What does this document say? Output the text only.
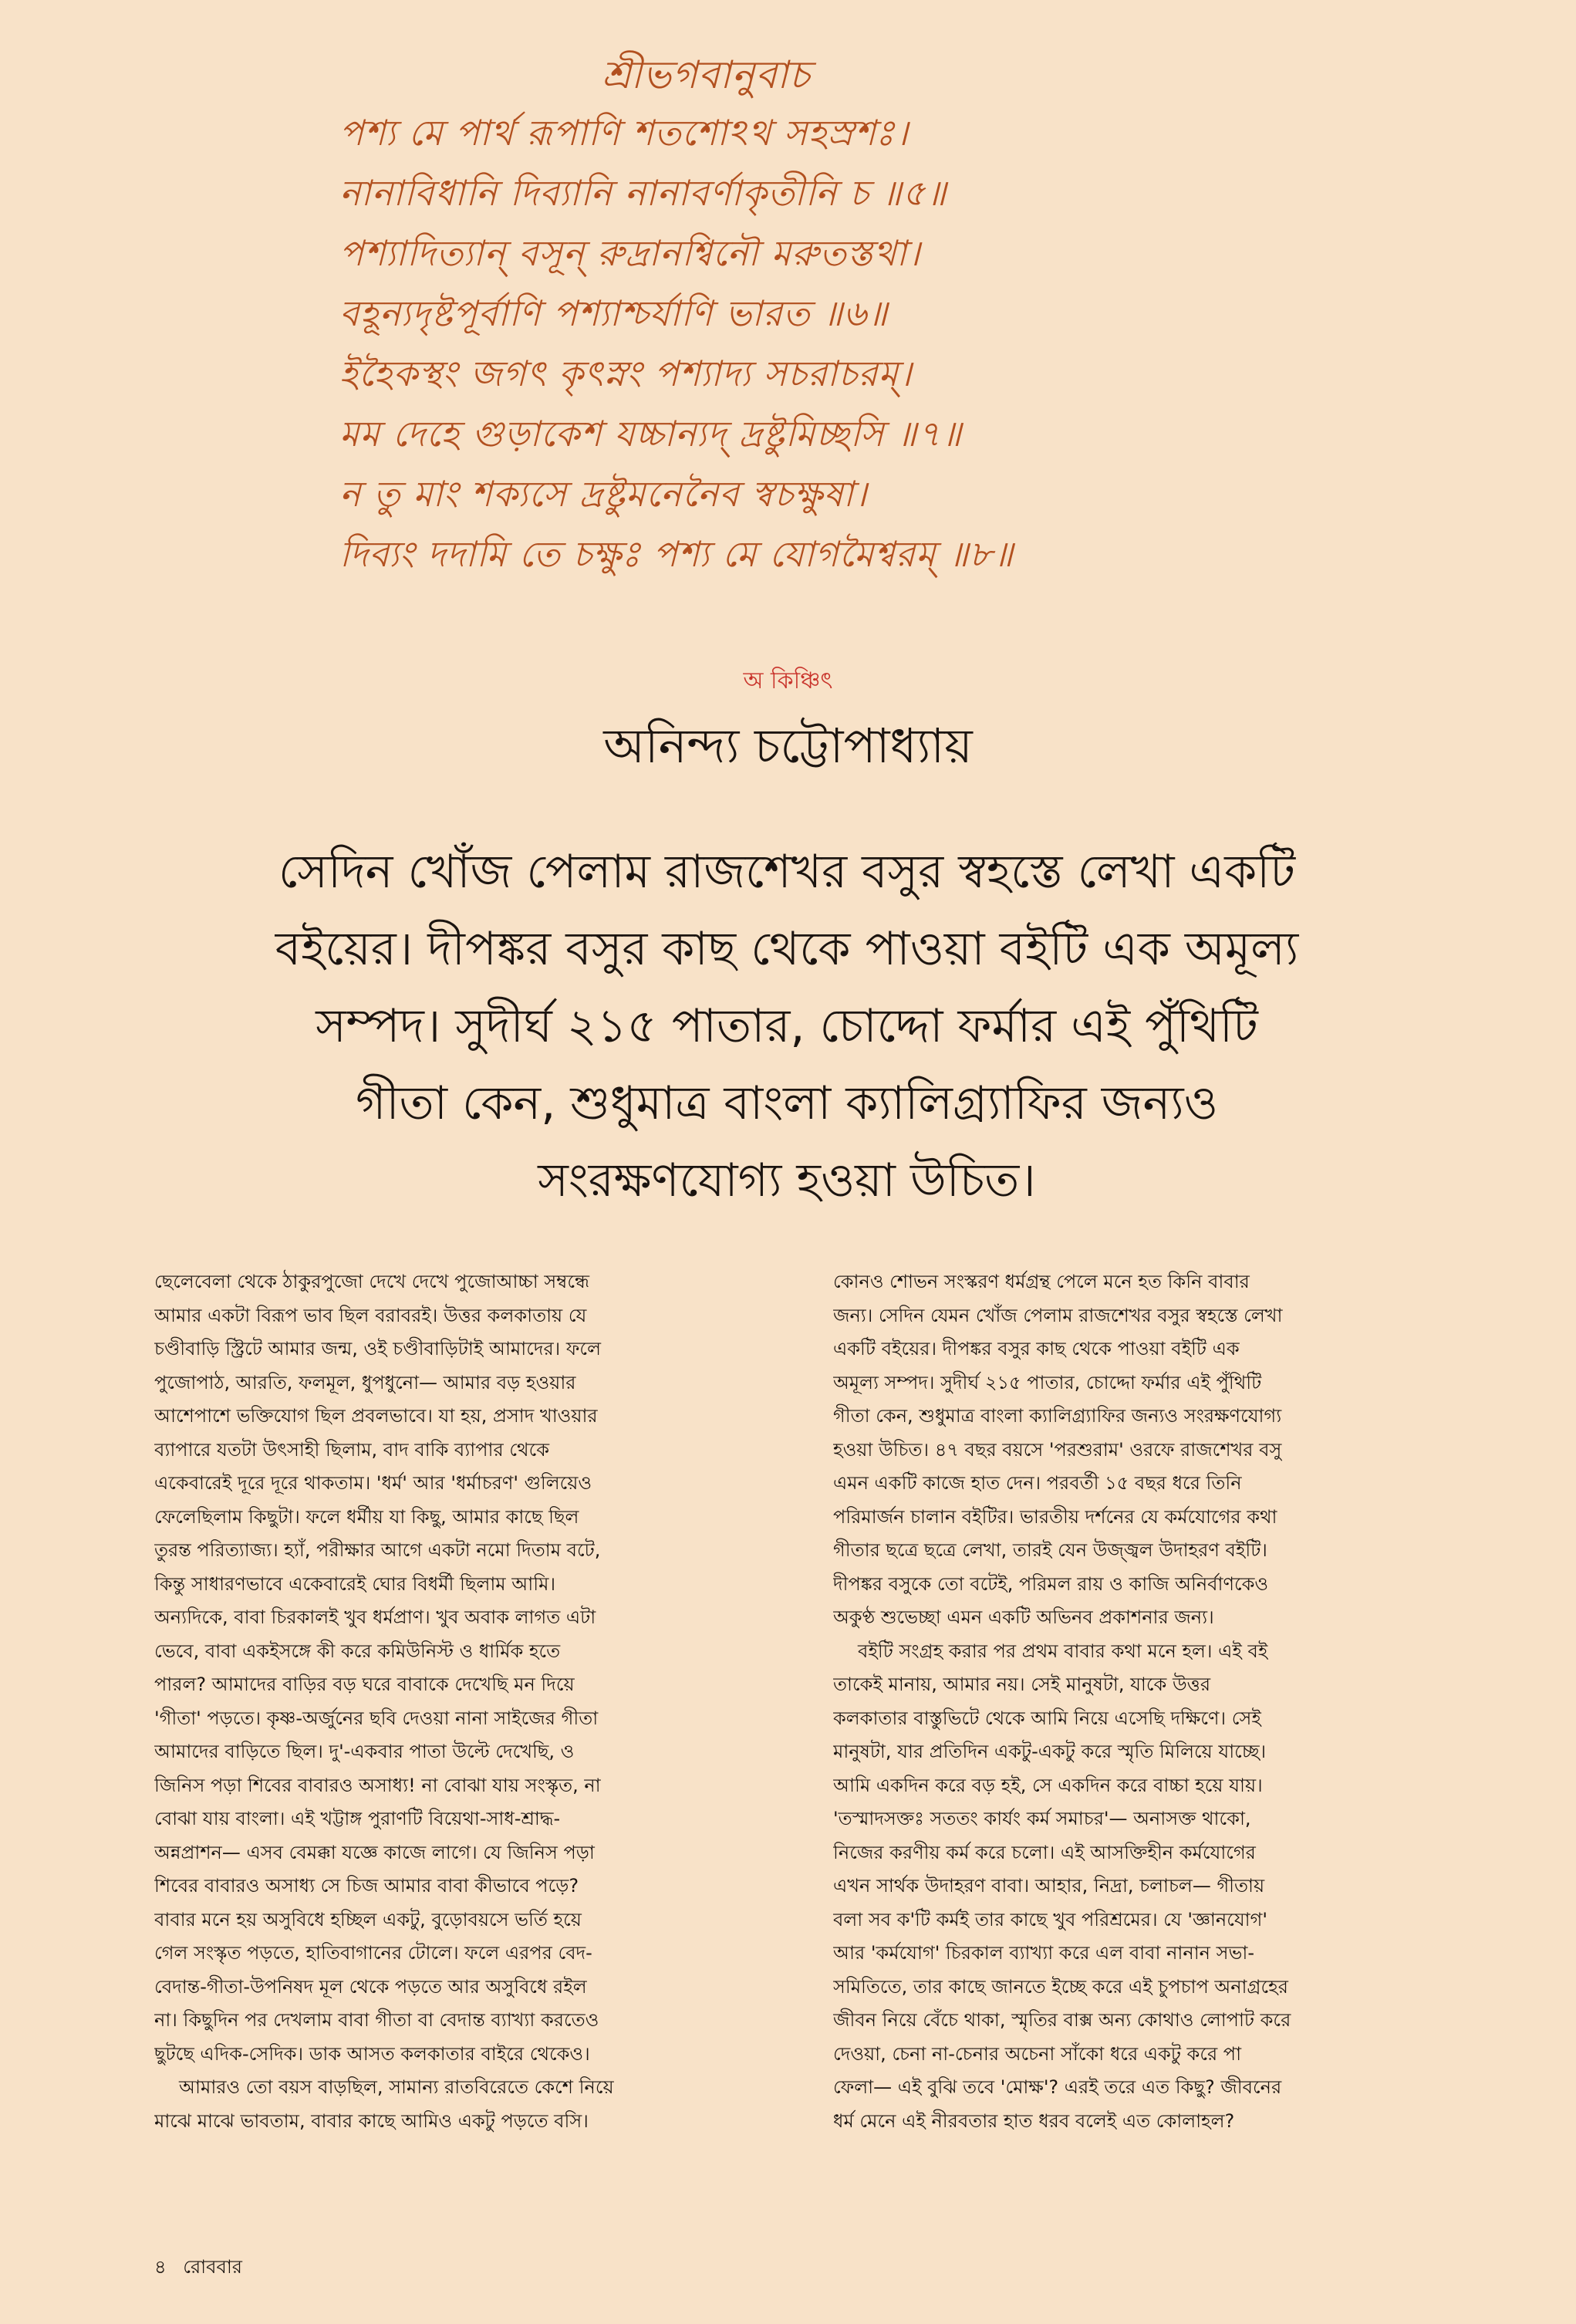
শ্রীভগবানুবাচ
পশ্য মে পার্থ রূপাণি শতশোঽথ সহস্রশঃ।
নানাবিধানি দিব্যানি নানাবর্ণাকৃতীনি চ ॥৫॥
পশ্যাদিত্যান্ বসূন্ রুদ্রানশ্বিনৌ মরুতস্তথা।
বহূন্যদৃষ্টপূর্বাণি পশ্যাশ্চর্যাণি ভারত ॥৬॥
ইহৈকস্থং জগৎ কৃৎস্নং পশ্যাদ্য সচরাচরম্।
মম দেহে গুড়াকেশ যচ্চান্যদ্ দ্রষ্টুমিচ্ছসি ॥৭॥
ন তু মাং শক্যসে দ্রষ্টুমনেনৈব স্বচক্ষুষা।
দিব্যং দদামি তে চক্ষুঃ পশ্য মে যোগমৈশ্বরম্ ॥৮॥
অ কিঞ্চিৎ
অনিন্দ্য চট্টোপাধ্যায়
সেদিন খোঁজ পেলাম রাজশেখর বসুর স্বহস্তে লেখা একটি
বইয়ের। দীপঙ্কর বসুর কাছ থেকে পাওয়া বইটি এক অমূল্য
সম্পদ। সুদীর্ঘ ২১৫ পাতার, চোদ্দো ফর্মার এই পুঁথিটি
গীতা কেন, শুধুমাত্র বাংলা ক্যালিগ্র্যাফির জন্যও
সংরক্ষণযোগ্য হওয়া উচিত।
ছেলেবেলা থেকে ঠাকুরপুজো দেখে দেখে পুজোআচ্চা সম্বন্ধে
আমার একটা বিরূপ ভাব ছিল বরাবরই। উত্তর কলকাতায় যে
চণ্ডীবাড়ি স্ট্রিটে আমার জন্ম, ওই চণ্ডীবাড়িটাই আমাদের। ফলে
পুজোপাঠ, আরতি, ফলমূল, ধুপধুনো— আমার বড় হওয়ার
আশেপাশে ভক্তিযোগ ছিল প্রবলভাবে। যা হয়, প্রসাদ খাওয়ার
ব্যাপারে যতটা উৎসাহী ছিলাম, বাদ বাকি ব্যাপার থেকে
একেবারেই দূরে দূরে থাকতাম। 'ধর্ম' আর 'ধর্মাচরণ' গুলিয়েও
ফেলেছিলাম কিছুটা। ফলে ধর্মীয় যা কিছু, আমার কাছে ছিল
তুরন্ত পরিত্যাজ্য। হ্যাঁ, পরীক্ষার আগে একটা নমো দিতাম বটে,
কিন্তু সাধারণভাবে একেবারেই ঘোর বিধর্মী ছিলাম আমি।
অন্যদিকে, বাবা চিরকালই খুব ধর্মপ্রাণ। খুব অবাক লাগত এটা
ভেবে, বাবা একইসঙ্গে কী করে কমিউনিস্ট ও ধার্মিক হতে
পারল? আমাদের বাড়ির বড় ঘরে বাবাকে দেখেছি মন দিয়ে
'গীতা' পড়তে। কৃষ্ণ-অর্জুনের ছবি দেওয়া নানা সাইজের গীতা
আমাদের বাড়িতে ছিল। দু'-একবার পাতা উল্টে দেখেছি, ও
জিনিস পড়া শিবের বাবারও অসাধ্য! না বোঝা যায় সংস্কৃত, না
বোঝা যায় বাংলা। এই খট্টাঙ্গ পুরাণটি বিয়েথা-সাধ-শ্রাদ্ধ-
অন্নপ্রাশন— এসব বেমক্কা যজ্ঞে কাজে লাগে। যে জিনিস পড়া
শিবের বাবারও অসাধ্য সে চিজ আমার বাবা কীভাবে পড়ে?
বাবার মনে হয় অসুবিধে হচ্ছিল একটু, বুড়োবয়সে ভর্তি হয়ে
গেল সংস্কৃত পড়তে, হাতিবাগানের টোলে। ফলে এরপর বেদ-
বেদান্ত-গীতা-উপনিষদ মূল থেকে পড়তে আর অসুবিধে রইল
না। কিছুদিন পর দেখলাম বাবা গীতা বা বেদান্ত ব্যাখ্যা করতেও
ছুটছে এদিক-সেদিক। ডাক আসত কলকাতার বাইরে থেকেও।
আমারও তো বয়স বাড়ছিল, সামান্য রাতবিরেতে কেশে নিয়ে
মাঝে মাঝে ভাবতাম, বাবার কাছে আমিও একটু পড়তে বসি।
কোনও শোভন সংস্করণ ধর্মগ্রন্থ পেলে মনে হত কিনি বাবার
জন্য। সেদিন যেমন খোঁজ পেলাম রাজশেখর বসুর স্বহস্তে লেখা
একটি বইয়ের। দীপঙ্কর বসুর কাছ থেকে পাওয়া বইটি এক
অমূল্য সম্পদ। সুদীর্ঘ ২১৫ পাতার, চোদ্দো ফর্মার এই পুঁথিটি
গীতা কেন, শুধুমাত্র বাংলা ক্যালিগ্র্যাফির জন্যও সংরক্ষণযোগ্য
হওয়া উচিত। ৪৭ বছর বয়সে 'পরশুরাম' ওরফে রাজশেখর বসু
এমন একটি কাজে হাত দেন। পরবর্তী ১৫ বছর ধরে তিনি
পরিমার্জন চালান বইটির। ভারতীয় দর্শনের যে কর্মযোগের কথা
গীতার ছত্রে ছত্রে লেখা, তারই যেন উজ্জ্বল উদাহরণ বইটি।
দীপঙ্কর বসুকে তো বটেই, পরিমল রায় ও কাজি অনির্বাণকেও
অকুণ্ঠ শুভেচ্ছা এমন একটি অভিনব প্রকাশনার জন্য।
বইটি সংগ্রহ করার পর প্রথম বাবার কথা মনে হল। এই বই
তাকেই মানায়, আমার নয়। সেই মানুষটা, যাকে উত্তর
কলকাতার বাস্তুভিটে থেকে আমি নিয়ে এসেছি দক্ষিণে। সেই
মানুষটা, যার প্রতিদিন একটু-একটু করে স্মৃতি মিলিয়ে যাচ্ছে।
আমি একদিন করে বড় হই, সে একদিন করে বাচ্চা হয়ে যায়।
'তস্মাদসক্তঃ সততং কার্যং কর্ম সমাচর'— অনাসক্ত থাকো,
নিজের করণীয় কর্ম করে চলো। এই আসক্তিহীন কর্মযোগের
এখন সার্থক উদাহরণ বাবা। আহার, নিদ্রা, চলাচল— গীতায়
বলা সব ক'টি কর্মই তার কাছে খুব পরিশ্রমের। যে 'জ্ঞানযোগ'
আর 'কর্মযোগ' চিরকাল ব্যাখ্যা করে এল বাবা নানান সভা-
সমিতিতে, তার কাছে জানতে ইচ্ছে করে এই চুপচাপ অনাগ্রহের
জীবন নিয়ে বেঁচে থাকা, স্মৃতির বাক্স অন্য কোথাও লোপাট করে
দেওয়া, চেনা না-চেনার অচেনা সাঁকো ধরে একটু করে পা
ফেলা— এই বুঝি তবে 'মোক্ষ'? এরই তরে এত কিছু? জীবনের
ধর্ম মেনে এই নীরবতার হাত ধরব বলেই এত কোলাহল?
৪ রোববার
